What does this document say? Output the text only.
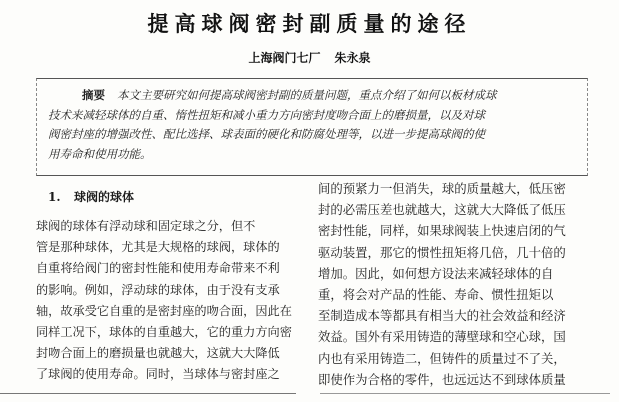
提高球阀密封副质量的途径
上海阀门七厂 朱永泉
摘要 本文主要研究如何提高球阀密封副的质量问题，重点介绍了如何以板材成球
技术来减轻球体的自重、惰性扭矩和减小重力方向密封度吻合面上的磨损量，以及对球
阀密封座的增强改性、配比选择、球表面的硬化和防腐处理等，以进一步提高球阀的使
用寿命和使用功能。
1. 球阀的球体
球阀的球体有浮动球和固定球之分，但不
管是那种球体，尤其是大规格的球阀，球体的
自重将给阀门的密封性能和使用寿命带来不利
的影响。例如，浮动球的球体，由于没有支承
轴，故承受它自重的是密封座的吻合面，因此在
同样工况下，球体的自重越大，它的重力方向密
封吻合面上的磨损量也就越大，这就大大降低
了球阀的使用寿命。同时，当球体与密封座之
间的预紧力一但消失，球的质量越大，低压密
封的必需压差也就越大，这就大大降低了低压
密封性能，同样，如果球阀装上快速启闭的气
驱动装置，那它的惯性扭矩将几倍，几十倍的
增加。因此，如何想方设法来减轻球体的自
重，将会对产品的性能、寿命、惯性扭矩以
至制造成本等都具有相当大的社会效益和经济
效益。国外有采用铸造的薄壁球和空心球，国
内也有采用铸造二，但铸件的质量过不了关，
即使作为合格的零件，也远远达不到球体质量
